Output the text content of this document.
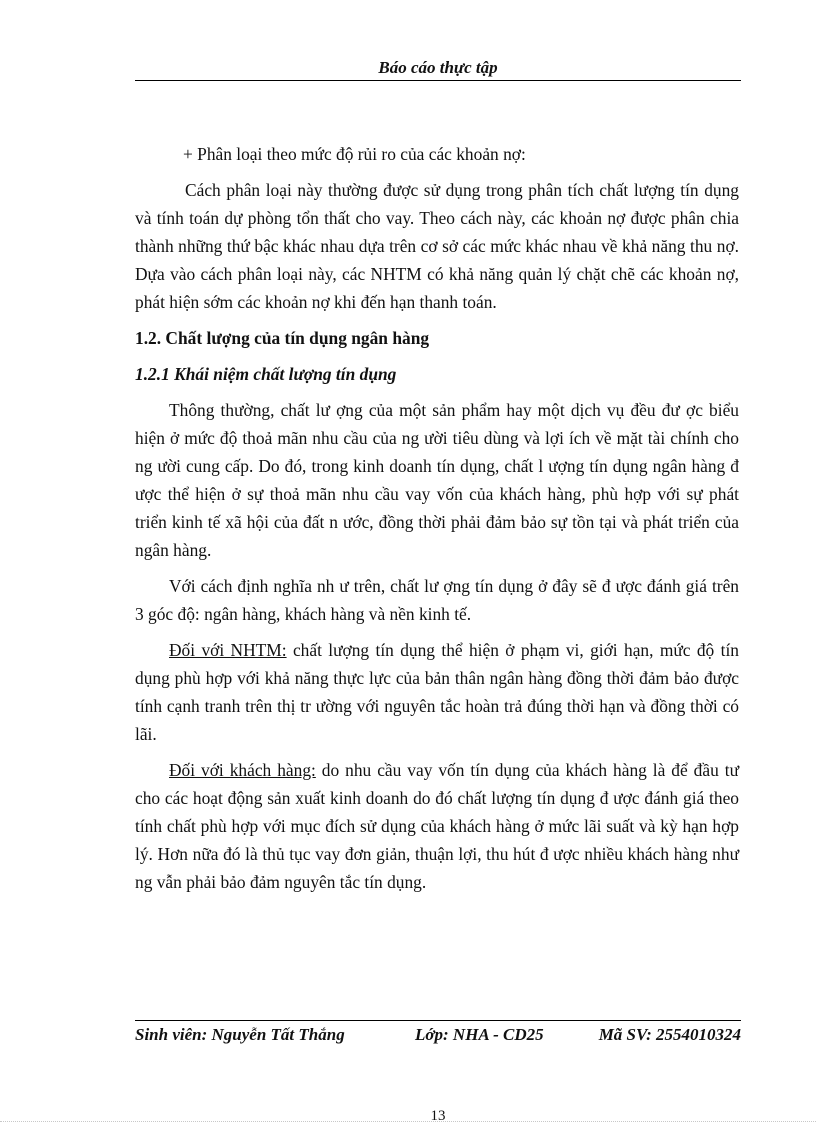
Báo cáo thực tập

+ Phân loại theo mức độ rủi ro của các khoản nợ:

Cách phân loại này thường được sử dụng trong phân tích chất lượng tín dụng và tính toán dự phòng tổn thất cho vay. Theo cách này, các khoản nợ được phân chia thành những thứ bậc khác nhau dựa trên cơ sở các mức khác nhau về khả năng thu nợ. Dựa vào cách phân loại này, các NHTM có khả năng quản lý chặt chẽ các khoản nợ, phát hiện sớm các khoản nợ khi đến hạn thanh toán.

1.2. Chất lượng của tín dụng ngân hàng

1.2.1 Khái niệm chất lượng tín dụng

Thông thường, chất lư ợng của một sản phẩm hay một dịch vụ đều đư ợc biểu hiện ở mức độ thoả mãn nhu cầu của ng ười tiêu dùng và lợi ích về mặt tài chính cho ng ười cung cấp. Do đó, trong kinh doanh tín dụng, chất l ượng tín dụng ngân hàng đ ược thể hiện ở sự thoả mãn nhu cầu vay vốn của khách hàng, phù hợp với sự phát triển kinh tế xã hội của đất n ước, đồng thời phải đảm bảo sự tồn tại và phát triển của ngân hàng.

Với cách định nghĩa nh ư trên, chất lư ợng tín dụng ở đây sẽ đ ược đánh giá trên 3 góc độ: ngân hàng, khách hàng và nền kinh tế.

Đối với NHTM: chất lượng tín dụng thể hiện ở phạm vi, giới hạn, mức độ tín dụng phù hợp với khả năng thực lực của bản thân ngân hàng đồng thời đảm bảo được tính cạnh tranh trên thị tr ường với nguyên tắc hoàn trả đúng thời hạn và đồng thời có lãi.

Đối với khách hàng: do nhu cầu vay vốn tín dụng của khách hàng là để đầu tư cho các hoạt động sản xuất kinh doanh do đó chất lượng tín dụng đ ược đánh giá theo tính chất phù hợp với mục đích sử dụng của khách hàng ở mức lãi suất và kỳ hạn hợp lý. Hơn nữa đó là thủ tục vay đơn giản, thuận lợi, thu hút đ ược nhiều khách hàng như ng vẫn phải bảo đảm nguyên tắc tín dụng.

Sinh viên: Nguyễn Tất Thắng	Lớp: NHA - CD25	Mã SV: 2554010324
13
